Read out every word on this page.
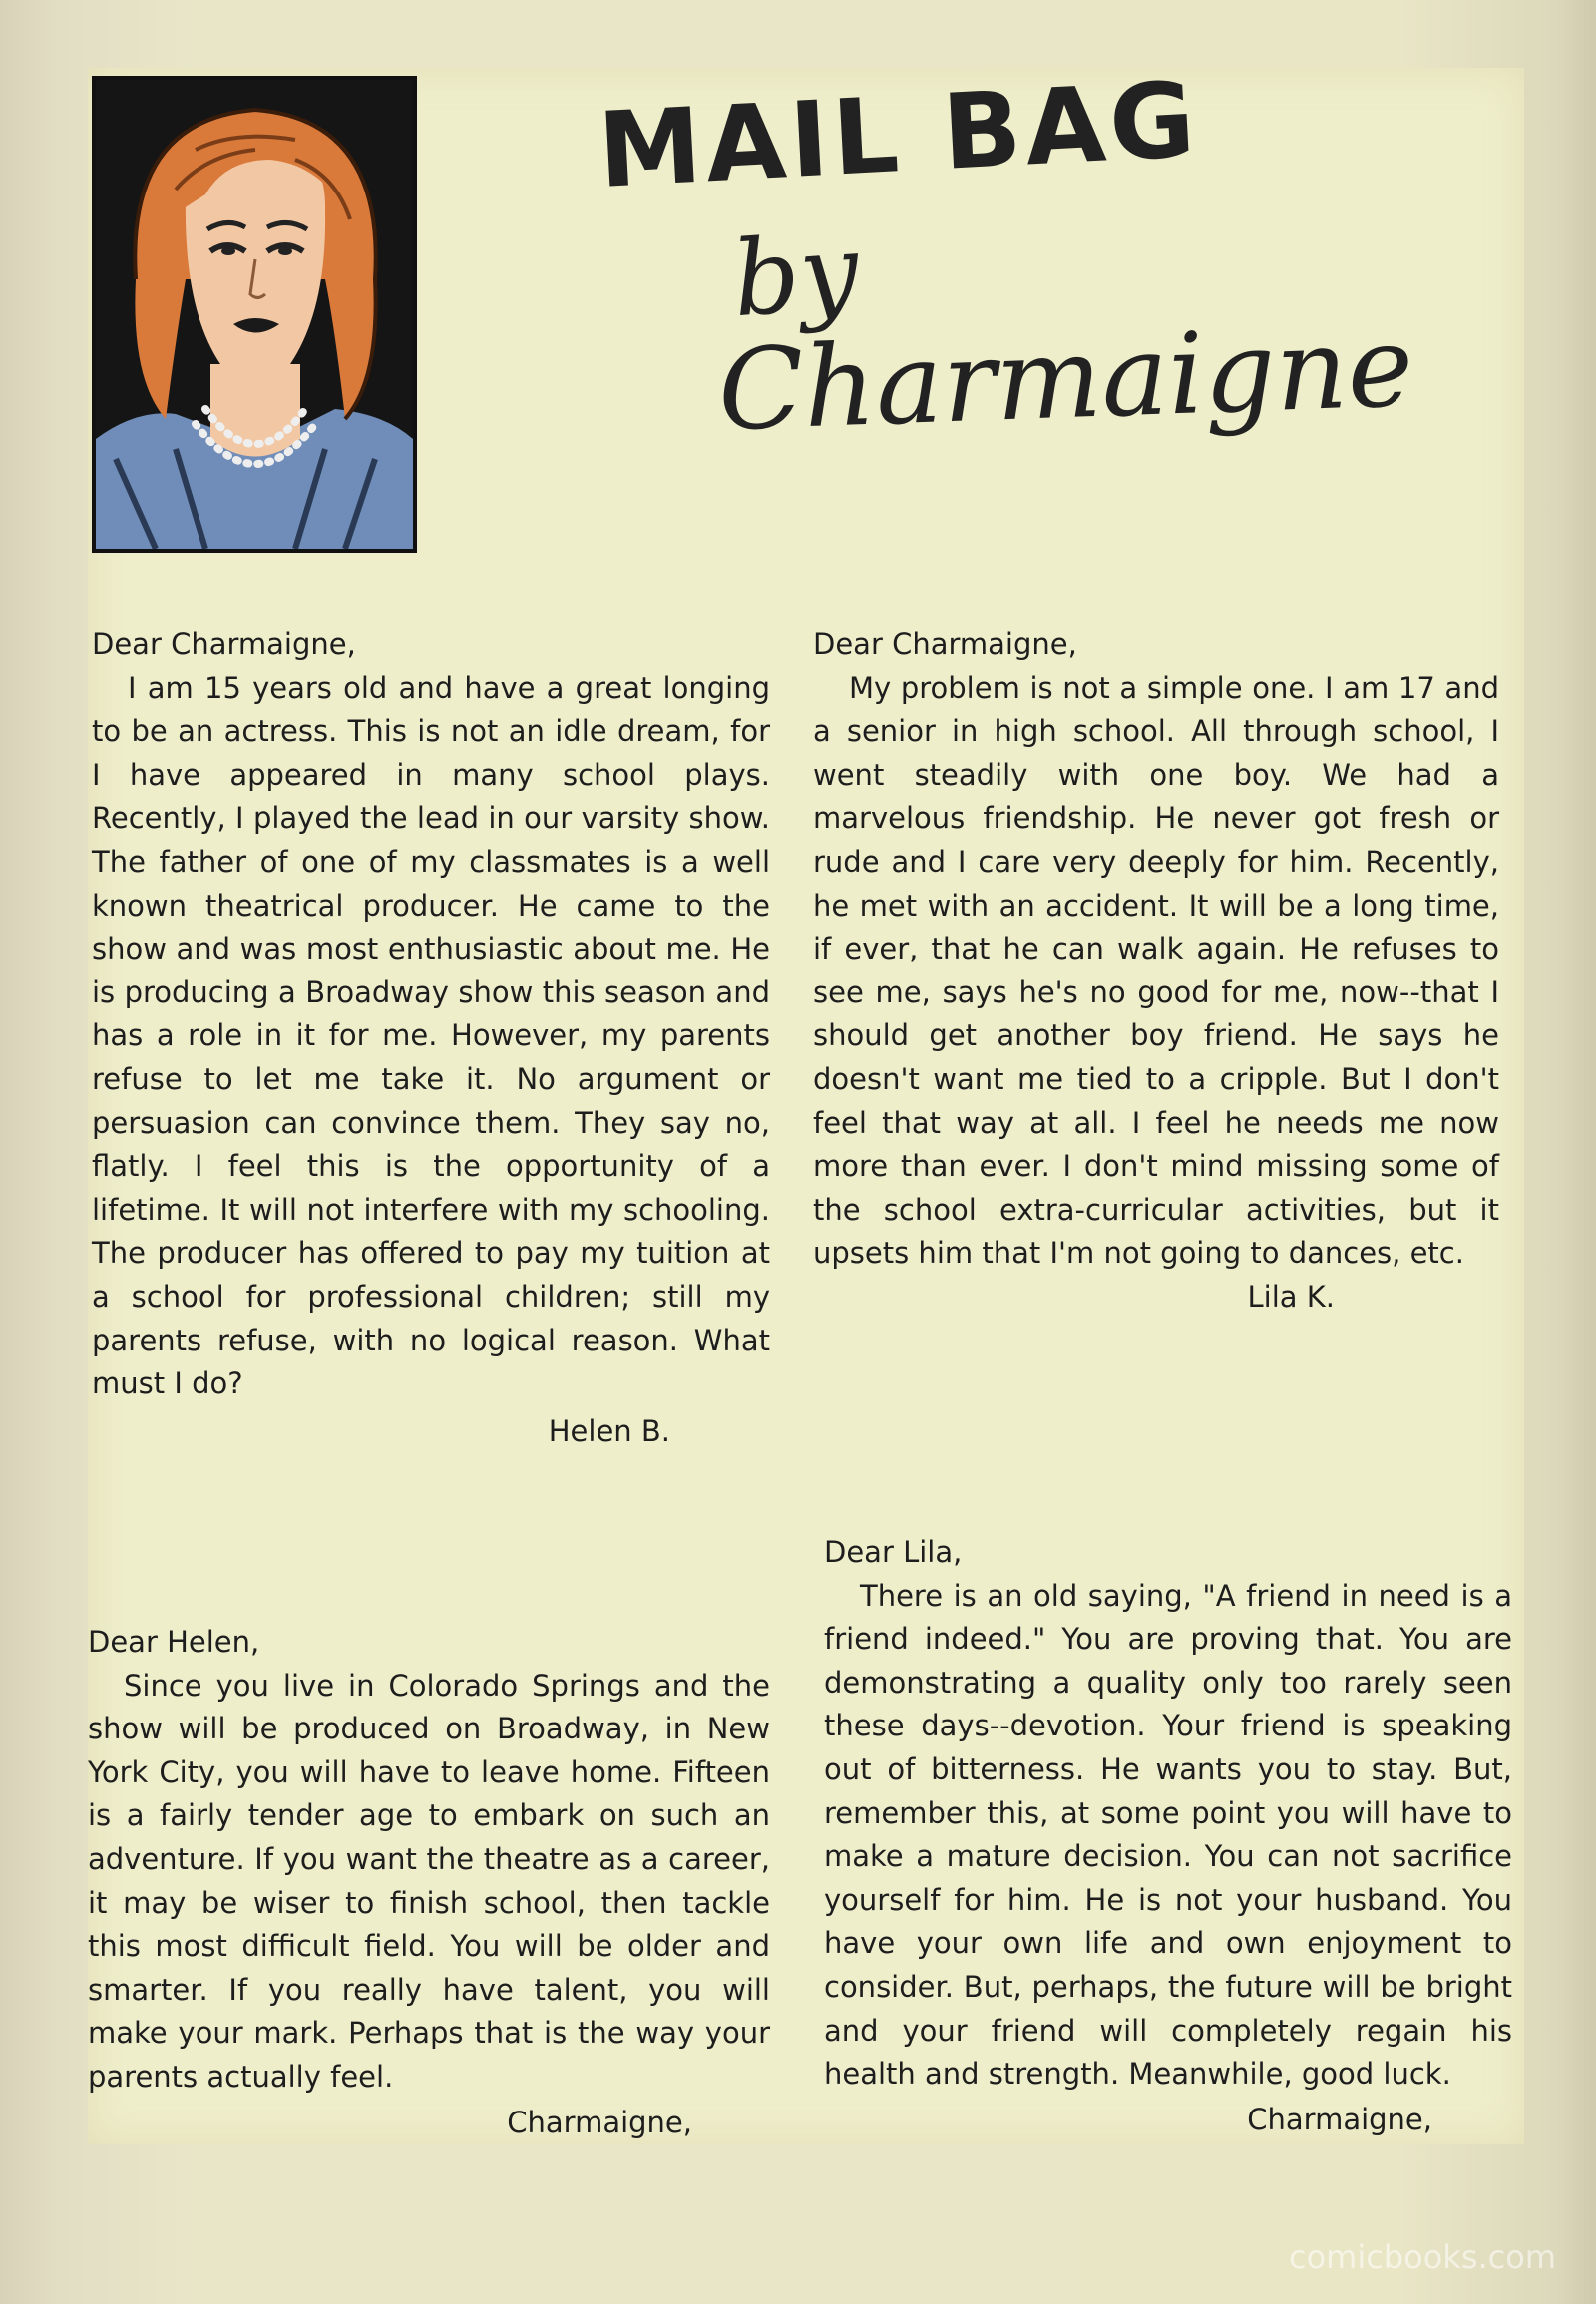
MAIL BAG
by
Charmaigne
Dear Charmaigne,

I am 15 years old and have a great longing to be an actress. This is not an idle dream, for I have appeared in many school plays. Recently, I played the lead in our varsity show. The father of one of my classmates is a well known theatrical producer. He came to the show and was most enthusiastic about me. He is producing a Broadway show this season and has a role in it for me. However, my parents refuse to let me take it. No argument or persuasion can convince them. They say no, flatly. I feel this is the opportunity of a lifetime. It will not interfere with my schooling. The producer has offered to pay my tuition at a school for professional children; still my parents refuse, with no logical reason. What must I do?

Helen B.
Dear Charmaigne,

My problem is not a simple one. I am 17 and a senior in high school. All through school, I went steadily with one boy. We had a marvelous friendship. He never got fresh or rude and I care very deeply for him. Recently, he met with an accident. It will be a long time, if ever, that he can walk again. He refuses to see me, says he's no good for me, now--that I should get another boy friend. He says he doesn't want me tied to a cripple. But I don't feel that way at all. I feel he needs me now more than ever. I don't mind missing some of the school extra-curricular activities, but it upsets him that I'm not going to dances, etc.

Lila K.
Dear Helen,

Since you live in Colorado Springs and the show will be produced on Broadway, in New York City, you will have to leave home. Fifteen is a fairly tender age to embark on such an adventure. If you want the theatre as a career, it may be wiser to finish school, then tackle this most difficult field. You will be older and smarter. If you really have talent, you will make your mark. Perhaps that is the way your parents actually feel.

Charmaigne,
Dear Lila,

There is an old saying, "A friend in need is a friend indeed." You are proving that. You are demonstrating a quality only too rarely seen these days--devotion. Your friend is speaking out of bitterness. He wants you to stay. But, remember this, at some point you will have to make a mature decision. You can not sacrifice yourself for him. He is not your husband. You have your own life and own enjoyment to consider. But, perhaps, the future will be bright and your friend will completely regain his health and strength. Meanwhile, good luck.

Charmaigne,
comicbooks.com
